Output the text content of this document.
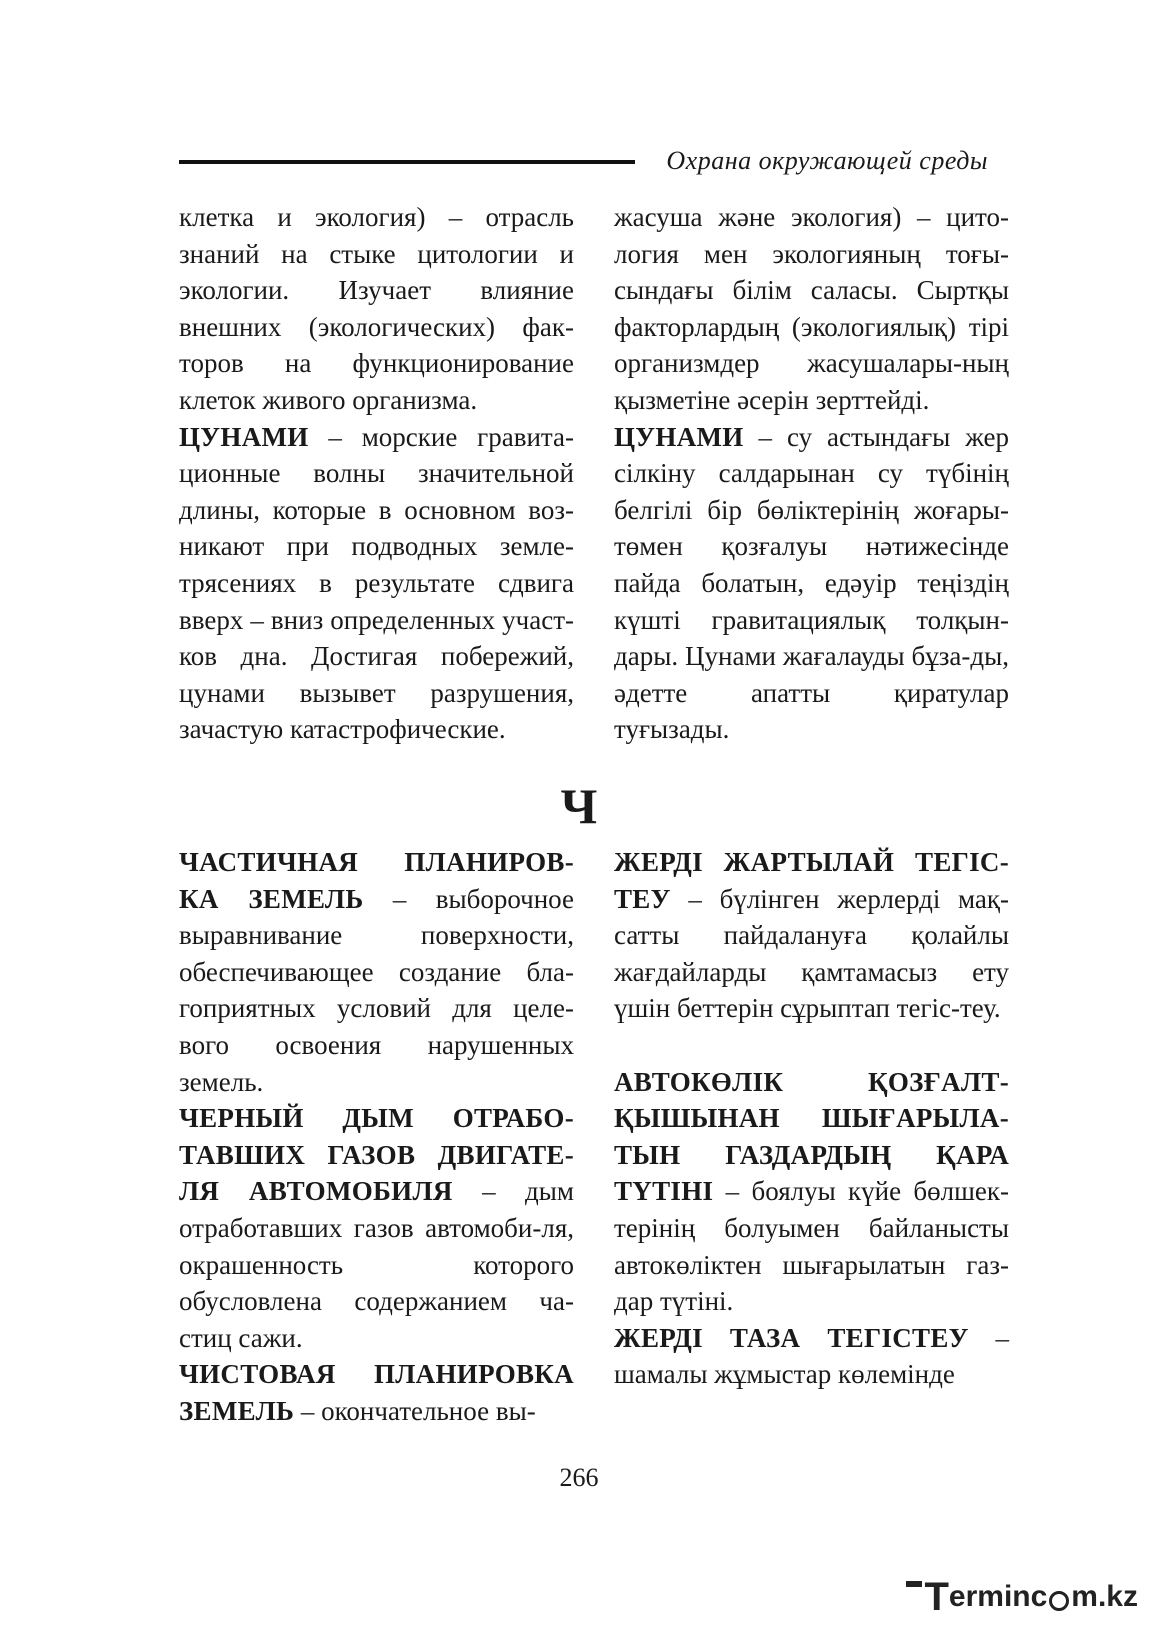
Охрана окружающей среды

клетка и экология) – отрасль знаний на стыке цитологии и экологии. Изучает влияние внешних (экологических) фак-торов на функционирование клеток живого организма.

ЦУНАМИ – морские гравита-ционные волны значительной длины, которые в основном воз-никают при подводных земле-трясениях в результате сдвига вверх – вниз определенных участ-ков дна. Достигая побережий, цунами вызывет разрушения, зачастую катастрофические.

жасуша және экология) – цито-логия мен экологияның тоғы-сындағы білім саласы. Сыртқы факторлардың (экологиялық) тірі организмдер жасушалары-ның қызметіне әсерін зерттейді.

ЦУНАМИ – су астындағы жер сілкіну салдарынан су түбінің белгілі бір бөліктерінің жоғары-төмен қозғалуы нәтижесінде пайда болатын, едәуір теңіздің күшті гравитациялық толқын-дары. Цунами жағалауды бұза-ды, әдетте апатты қиратулар туғызады.

Ч

ЧАСТИЧНАЯ ПЛАНИРОВ-КА ЗЕМЕЛЬ – выборочное выравнивание поверхности, обеспечивающее создание бла-гоприятных условий для целе-вого освоения нарушенных земель.

ЧЕРНЫЙ ДЫМ ОТРАБО-ТАВШИХ ГАЗОВ ДВИГАТЕ-ЛЯ АВТОМОБИЛЯ – дым отработавших газов автомоби-ля, окрашенность которого обусловлена содержанием ча-стиц сажи.

ЧИСТОВАЯ ПЛАНИРОВКА ЗЕМЕЛЬ – окончательное вы-

ЖЕРДІ ЖАРТЫЛАЙ ТЕГІС-ТЕУ – бүлінген жерлерді мақ-сатты пайдалануға қолайлы жағдайларды қамтамасыз ету үшін беттерін сұрыптап тегіс-теу.

АВТОКӨЛІК ҚОЗҒАЛТ-ҚЫШЫНАН ШЫҒАРЫЛА-ТЫН ГАЗДАРДЫҢ ҚАРА ТҮТІНІ – боялуы күйе бөлшек-терінің болуымен байланысты автокөліктен шығарылатын газ-дар түтіні.

ЖЕРДІ ТАЗА ТЕГІСТЕУ – шамалы жұмыстар көлемінде

266
T erminc m.kz
